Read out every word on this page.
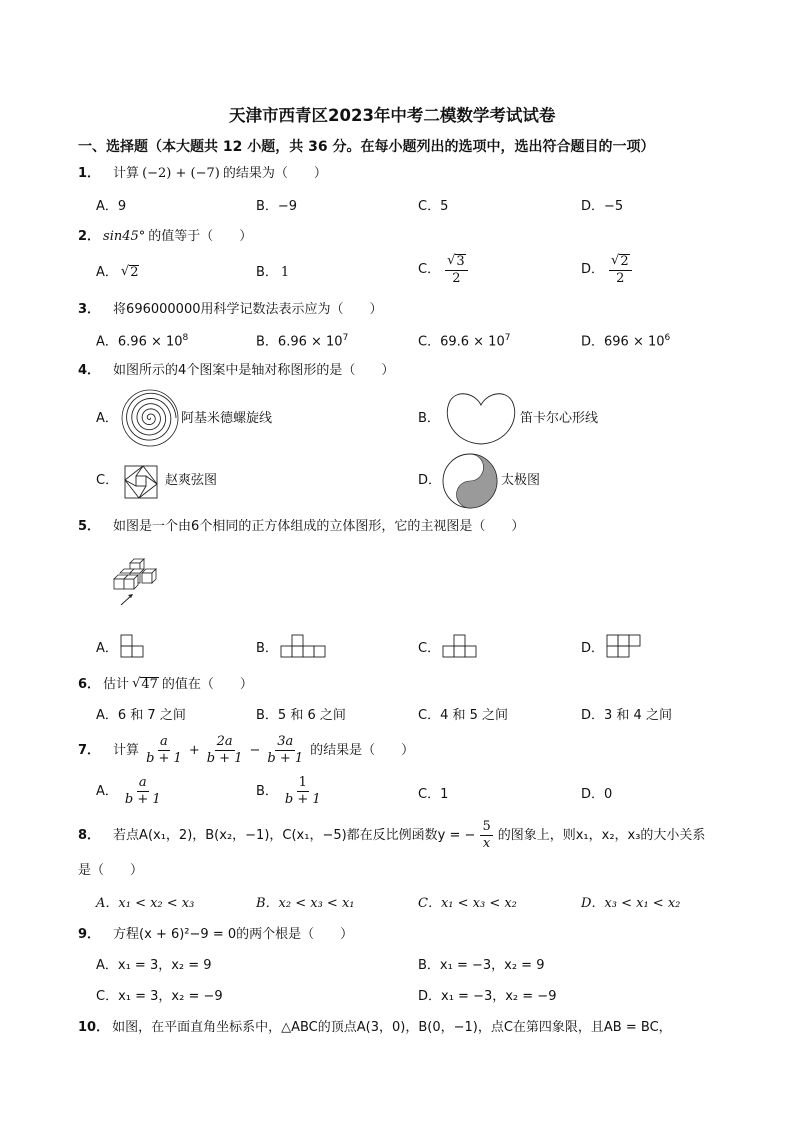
天津市西青区2023年中考二模数学考试试卷
一、选择题（本大题共 12 小题，共 36 分。在每小题列出的选项中，选出符合题目的一项）
1． 计算 (−2) + (−7) 的结果为（　　）
A．9	B．−9	C．5	D．−5
2． sin45° 的值等于（　　）
A． √ 2	B． 1	C． $\frac{√ 3}{2}$	D． $\frac{√ 2}{2}$
3． 将696000000用科学记数法表示应为（　　）
A．$6.96 \times 10^8$	B．$6.96 \times 10^7$	C．$69.6 \times 10^7$	D．$696 \times 10^6$
4． 如图所示的4个图案中是轴对称图形的是（　　）
A．	阿基米德螺旋线	B．	笛卡尔心形线
C．	赵爽弦图	D．	太极图
5． 如图是一个由6个相同的正方体组成的立体图形，它的主视图是（　　）
A．	B．	C．	D．
6． 估计 √ 47 的值在（　　）
A．6 和 7 之间	B．5 和 6 之间	C．4 和 5 之间	D．3 和 4 之间
7． 计算 $\frac{a}{b + 1} + \frac{2a}{b + 1} - \frac{3a}{b + 1}$ 的结果是（　　）
A． $\frac{a}{b + 1}$	B． $\frac{1}{b + 1}$	C．1	D．0
8． 若点A(x₁，2)，B(x₂，−1)，C(x₁，−5)都在反比例函数y = − $\frac{5}{x}$ 的图象上，则x₁，x₂，x₃的大小关系
是（　　）
A．x₁ < x₂ < x₃	B．x₂ < x₃ < x₁	C．x₁ < x₃ < x₂	D．x₃ < x₁ < x₂
9． 方程(x + 6)²−9 = 0的两个根是（　　）
A．x₁ = 3，x₂ = 9	B．x₁ = −3，x₂ = 9
C．x₁ = 3，x₂ = −9	D．x₁ = −3，x₂ = −9
10． 如图，在平面直角坐标系中，△ABC的顶点A(3，0)，B(0，−1)，点C在第四象限，且AB = BC，
